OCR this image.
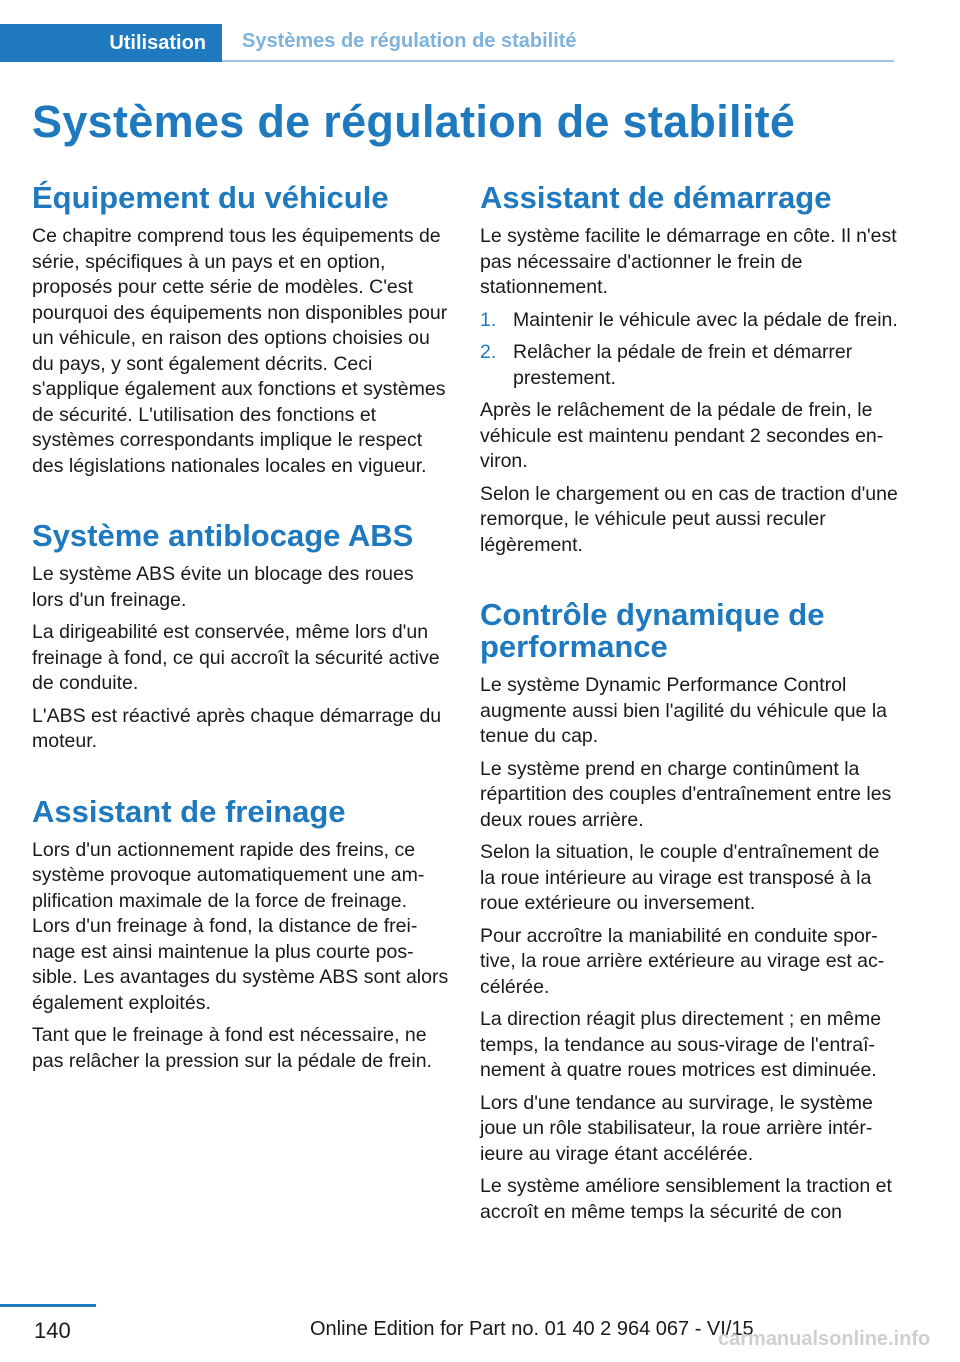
Utilisation Systèmes de régulation de stabilité
Systèmes de régulation de stabilité
Équipement du véhicule

Ce chapitre comprend tous les équipements de série, spécifiques à un pays et en option, proposés pour cette série de modèles. C'est pourquoi des équipements non disponibles pour un véhicule, en raison des options choisies ou du pays, y sont également décrits. Ceci s'applique également aux fonctions et systèmes de sécurité. L'utilisation des fonctions et systèmes correspondants implique le respect des législations nationales locales en vigueur.

Système antiblocage ABS

Le système ABS évite un blocage des roues lors d'un freinage.

La dirigeabilité est conservée, même lors d'un freinage à fond, ce qui accroît la sécurité active de conduite.

L'ABS est réactivé après chaque démarrage du moteur.

Assistant de freinage

Lors d'un actionnement rapide des freins, ce système provoque automatiquement une amplification maximale de la force de freinage. Lors d'un freinage à fond, la distance de freinage est ainsi maintenue la plus courte possible. Les avantages du système ABS sont alors également exploités.

Tant que le freinage à fond est nécessaire, ne pas relâcher la pression sur la pédale de frein.

Assistant de démarrage

Le système facilite le démarrage en côte. Il n'est pas nécessaire d'actionner le frein de stationnement.

1. Maintenir le véhicule avec la pédale de frein.
2. Relâcher la pédale de frein et démarrer prestement.

Après le relâchement de la pédale de frein, le véhicule est maintenu pendant 2 secondes environ.

Selon le chargement ou en cas de traction d'une remorque, le véhicule peut aussi reculer légèrement.

Contrôle dynamique de performance

Le système Dynamic Performance Control augmente aussi bien l'agilité du véhicule que la tenue du cap.

Le système prend en charge continûment la répartition des couples d'entraînement entre les deux roues arrière.

Selon la situation, le couple d'entraînement de la roue intérieure au virage est transposé à la roue extérieure ou inversement.

Pour accroître la maniabilité en conduite sportive, la roue arrière extérieure au virage est accélérée.

La direction réagit plus directement ; en même temps, la tendance au sous-virage de l'entraînement à quatre roues motrices est diminuée.

Lors d'une tendance au survirage, le système joue un rôle stabilisateur, la roue arrière intérieure au virage étant accélérée.

Le système améliore sensiblement la traction et accroît en même temps la sécurité de con

140	Online Edition for Part no. 01 40 2 964 067 - VI/15
carmanualsonline.info
